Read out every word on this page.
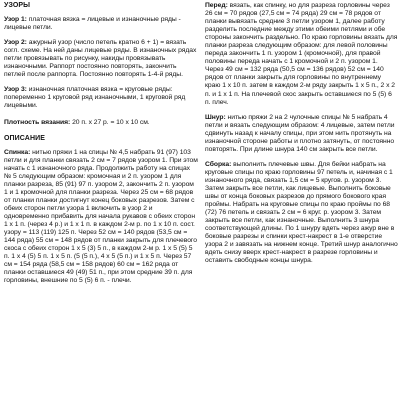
УЗОРЫ

Узор 1: платочная вязка = лицевые и изнаночные ряды - лицевые петли.

Узор 2: ажурный узор (число петель кратно 6 + 1) = вязать согл. схеме. На ней даны лицевые ряды. В изнаночных рядах петли провязывать по рисунку, накиды провязывать изнаночными. Раппорт постоянно повторять, закончить петлей после раппорта. Постоянно повторять 1-4-й ряды.

Узор 3: изнаночная платочная вязка = круговые ряды: попеременно 1 круговой ряд изнаночными, 1 круговой ряд лицевыми.

Плотность вязания: 20 п. x 27 р. = 10 x 10 см.

ОПИСАНИЕ

Спинка: нитью пряжи 1 на спицы № 4,5 набрать 91 (97) 103 петли и для планки связать 2 см = 7 рядов узором 1. При этом начать с 1 изнаночного ряда. Продолжить работу на спицах № 5 следующим образом: кромочная и 2 п. узором 1 для планки разреза, 85 (91) 97 п. узором 2, закончить 2 п. узором 1 и 1 кромочной для планки разреза. Через 25 см = 68 рядов от планки планки достигнут конец боковых разрезов. Затем с обеих сторон петли узора 1 включить в узор 2 и одновременно прибавить для начала рукавов с обеих сторон 1 x 1 п. (через 4 р.) и 1 x 1 п. в каждом 2-м р. по 1 x 10 п. сост. узору = 113 (119) 125 п. Через 52 см = 140 рядов (53,5 см = 144 ряда) 55 см = 148 рядов от планки закрыть для плечевого скоса с обеих сторон 1 x 5 (3) 5 п., в каждом 2-м р. 1 x 5 (5) 5 п. 1 x 4 (5) 5 п. 1 x 5 п. (5 (5 п.), 4 x 5 (5 п.) и 1 x 5 п. Через 57 см = 154 ряда (58,5 см = 158 рядов) 60 см = 162 ряда от планки оставшиеся 49 (49) 51 п., при этом средние 39 п. для горловины, внешние по 5 (5) 6 п. - плечи.

Перед: вязать, как спинку, но для разреза горловины через 26 см = 70 рядов (27,5 см = 74 ряда) 29 см = 78 рядов от планки вывязать средние 3 петли узором 1, далее работу разделить последние между этими обеими петлями и обе стороны закончить раздельно. По краю горловины вязать для планки разреза следующим образом: для левой половины переда закончить 1 п. узором 1 (кромочной), для правой половины переда начать с 1 кромочной и 2 п. узором 1. Через 49 см = 132 ряда (50,5 см = 136 рядов) 52 см = 140 рядов от планки закрыть для горловины по внутреннему краю 1 x 10 п. затем в каждом 2-м ряду закрыть 1 x 5 п., 2 x 2 п. и 1 x 1 п. На плечевой скос закрыть оставшиеся по 5 (5) 6 п. плеч.

Шнур: нитью пряжи 2 на 2 чулочные спицы № 5 набрать 4 петли и вязать следующим образом: 4 лицевые, затем петли сдвинуть назад к началу спицы, при этом нить протянуть на изнаночной стороне работы и плотно затянуть, от постоянно повторять. При длине шнура 140 см закрыть все петли.

Сборка: выполнить плечевые швы. Для бейки набрать на круговые спицы по краю горловины 97 петель и, начиная с 1 изнаночного ряда, связать 1,5 см = 5 кругов. р. узором 3. Затем закрыть все петли, как лицевые. Выполнить боковые швы от конца боковых разрезов до прямого бокового края проймы. Набрать на круговые спицы по краю проймы по 68 (72) 76 петель и связать 2 см = 6 круг. р. узором 3. Затем закрыть все петли, как изнаночные. Выполнить 3 шнура соответствующей длины. По 1 шнуру вдеть через ажур вне в боковые разрезы и спинки крест-накрест в 1-е отверстие узора 2 и завязать на нижнем конце. Третий шнур аналогично вдеть снизу вверх крест-накрест в разрезе горловины и оставить свободные концы шнура.
